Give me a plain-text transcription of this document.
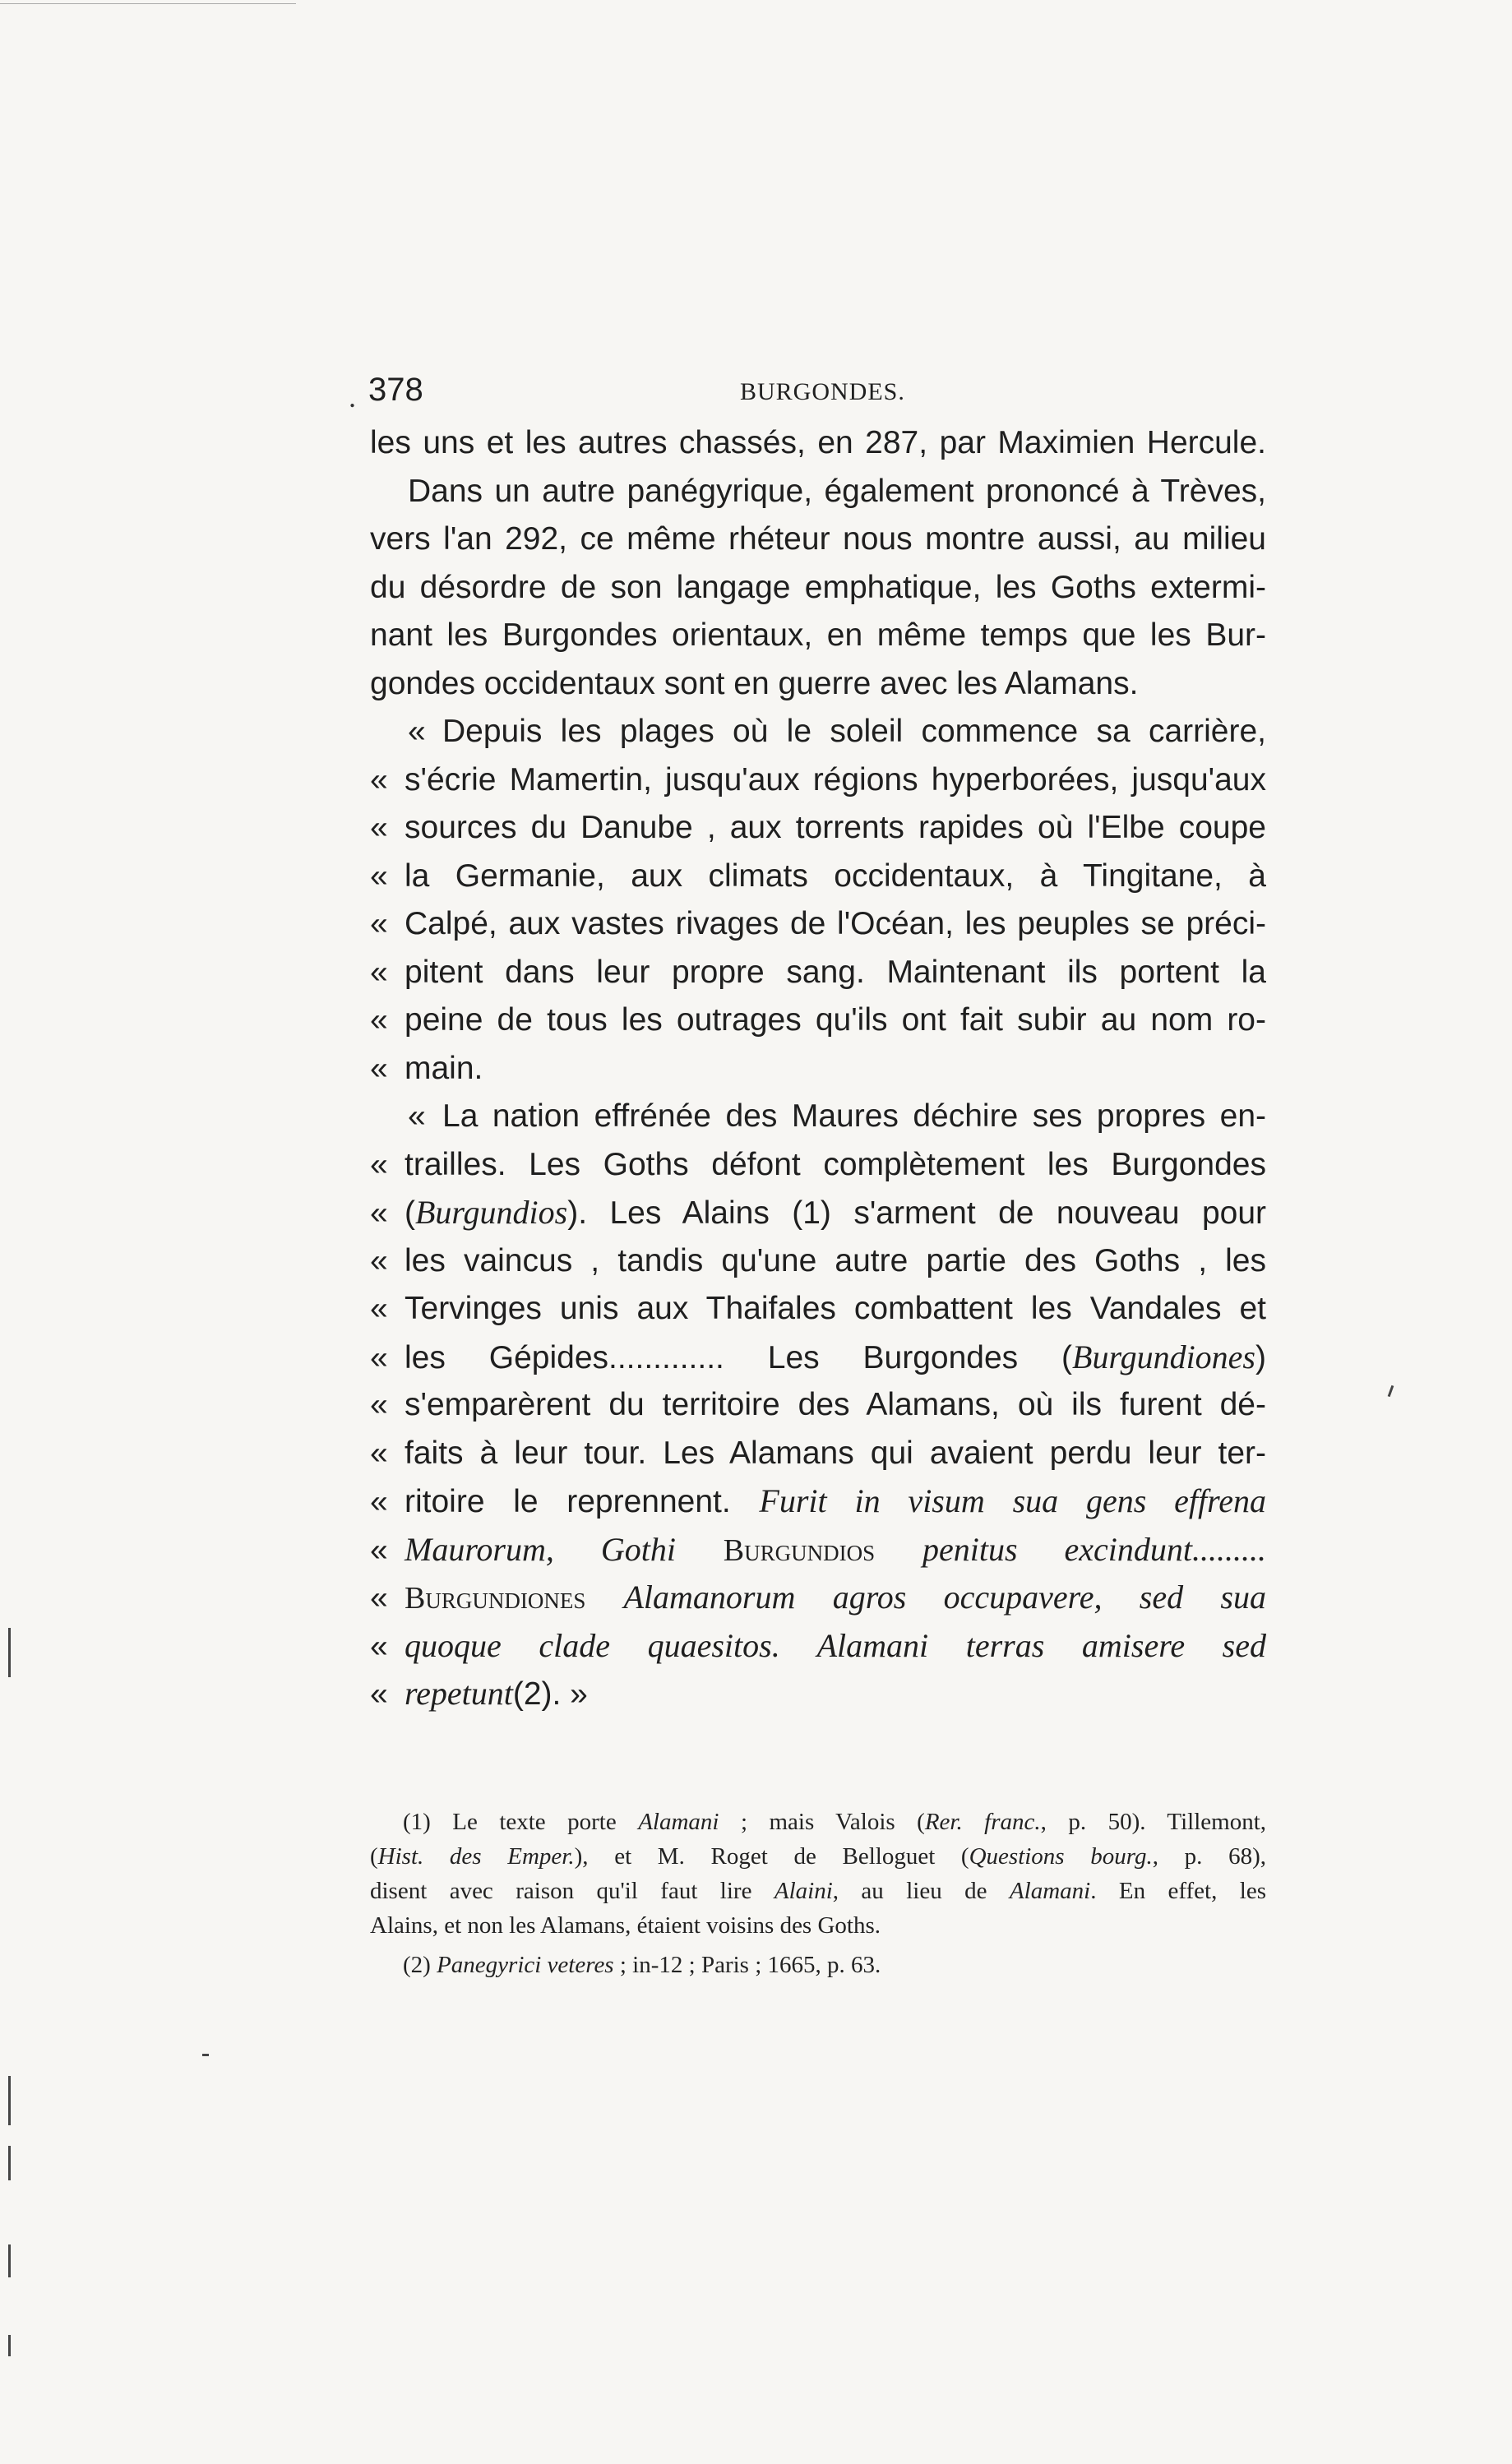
. 378	BURGONDES.
les uns et les autres chassés, en 287, par Maximien Hercule.
Dans un autre panégyrique, également prononcé à Trèves,
vers l'an 292, ce même rhéteur nous montre aussi, au milieu
du désordre de son langage emphatique, les Goths extermi-
nant les Burgondes orientaux, en même temps que les Bur-
gondes occidentaux sont en guerre avec les Alamans.
« Depuis les plages où le soleil commence sa carrière,
« s'écrie Mamertin, jusqu'aux régions hyperborées, jusqu'aux
« sources du Danube , aux torrents rapides où l'Elbe coupe
« la Germanie, aux climats occidentaux, à Tingitane, à
« Calpé, aux vastes rivages de l'Océan, les peuples se préci-
« pitent dans leur propre sang. Maintenant ils portent la
« peine de tous les outrages qu'ils ont fait subir au nom ro-
« main.
« La nation effrénée des Maures déchire ses propres en-
« trailles. Les Goths défont complètement les Burgondes
« (Burgundios). Les Alains (1) s'arment de nouveau pour
« les vaincus , tandis qu'une autre partie des Goths , les
« Tervinges unis aux Thaifales combattent les Vandales et
« les Gépides............. Les Burgondes (Burgundiones)
« s'emparèrent du territoire des Alamans, où ils furent dé-
« faits à leur tour. Les Alamans qui avaient perdu leur ter-
« ritoire le reprennent. Furit in visum sua gens effrena
« Maurorum, Gothi Burgundios penitus excindunt.........
« Burgundiones Alamanorum agros occupavere, sed sua
« quoque clade quaesitos. Alamani terras amisere sed
« repetunt(2). »
(1) Le texte porte Alamani ; mais Valois (Rer. franc., p. 50). Tillemont,
(Hist. des Emper.), et M. Roget de Belloguet (Questions bourg., p. 68),
disent avec raison qu'il faut lire Alaini, au lieu de Alamani. En effet, les
Alains, et non les Alamans, étaient voisins des Goths.
(2) Panegyrici veteres ; in-12 ; Paris ; 1665, p. 63.
